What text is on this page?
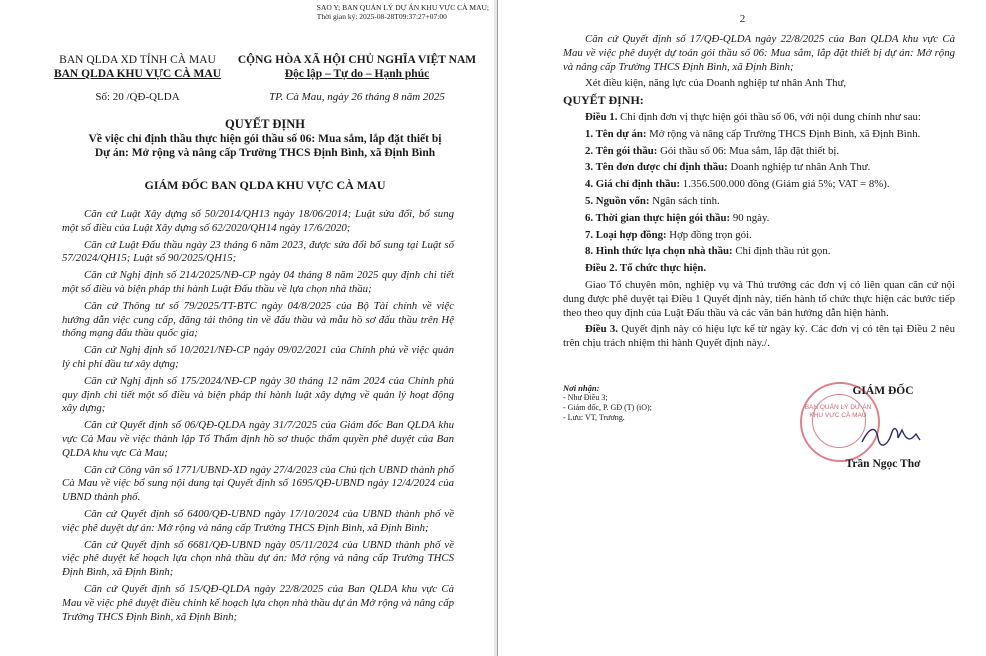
SAO Y; BAN QUẢN LÝ DỰ ÁN KHU VỰC CÀ MAU;
Thời gian ký: 2025-08-28T09:37:27+07:00
BAN QLDA XD TỈNH CÀ MAU
BAN QLDA KHU VỰC CÀ MAU
CỘNG HÒA XÃ HỘI CHỦ NGHĨA VIỆT NAM
Độc lập – Tự do – Hạnh phúc
Số: 20 /QĐ-QLDA	TP. Cà Mau, ngày 26 tháng 8 năm 2025
QUYẾT ĐỊNH
Về việc chỉ định thầu thực hiện gói thầu số 06: Mua sắm, lắp đặt thiết bị
Dự án: Mở rộng và nâng cấp Trường THCS Định Bình, xã Định Bình
GIÁM ĐỐC BAN QLDA KHU VỰC CÀ MAU

Căn cứ Luật Xây dựng số 50/2014/QH13 ngày 18/06/2014; Luật sửa đổi, bổ sung một số điều của Luật Xây dựng số 62/2020/QH14 ngày 17/6/2020;

Căn cứ Luật Đấu thầu ngày 23 tháng 6 năm 2023, được sửa đổi bổ sung tại Luật số 57/2024/QH15; Luật số 90/2025/QH15;

Căn cứ Nghị định số 214/2025/NĐ-CP ngày 04 tháng 8 năm 2025 quy định chi tiết một số điều và biện pháp thi hành Luật Đấu thầu về lựa chọn nhà thầu;

Căn cứ Thông tư số 79/2025/TT-BTC ngày 04/8/2025 của Bộ Tài chính về việc hướng dẫn việc cung cấp, đăng tải thông tin về đấu thầu và mẫu hồ sơ đấu thầu trên Hệ thống mạng đấu thầu quốc gia;

Căn cứ Nghị định số 10/2021/NĐ-CP ngày 09/02/2021 của Chính phủ về việc quản lý chi phí đầu tư xây dựng;

Căn cứ Nghị định số 175/2024/NĐ-CP ngày 30 tháng 12 năm 2024 của Chính phủ quy định chi tiết một số điều và biện pháp thi hành luật xây dựng về quản lý hoạt động xây dựng;

Căn cứ Quyết định số 06/QĐ-QLDA ngày 31/7/2025 của Giám đốc Ban QLDA khu vực Cà Mau về việc thành lập Tổ Thẩm định hồ sơ thuộc thẩm quyền phê duyệt của Ban QLDA khu vực Cà Mau;

Căn cứ Công văn số 1771/UBND-XD ngày 27/4/2023 của Chủ tịch UBND thành phố Cà Mau về việc bổ sung nội dung tại Quyết định số 1695/QĐ-UBND ngày 12/4/2024 của UBND thành phố.

Căn cứ Quyết định số 6400/QĐ-UBND ngày 17/10/2024 của UBND thành phố về việc phê duyệt dự án: Mở rộng và nâng cấp Trường THCS Định Bình, xã Định Bình;

Căn cứ Quyết định số 6681/QĐ-UBND ngày 05/11/2024 của UBND thành phố về việc phê duyệt kế hoạch lựa chọn nhà thầu dự án: Mở rộng và nâng cấp Trường THCS Định Bình, xã Định Bình;

Căn cứ Quyết định số 15/QĐ-QLDA ngày 22/8/2025 của Ban QLDA khu vực Cà Mau về việc phê duyệt điều chỉnh kế hoạch lựa chọn nhà thầu dự án Mở rộng và nâng cấp Trường THCS Định Bình, xã Định Bình;

2

Căn cứ Quyết định số 17/QĐ-QLDA ngày 22/8/2025 của Ban QLDA khu vực Cà Mau về việc phê duyệt dự toán gói thầu số 06: Mua sắm, lắp đặt thiết bị dự án: Mở rộng và nâng cấp Trường THCS Định Bình, xã Định Bình;

Xét điều kiện, năng lực của Doanh nghiệp tư nhân Anh Thư,

QUYẾT ĐỊNH:

Điều 1. Chỉ định đơn vị thực hiện gói thầu số 06, với nội dung chính như sau:

1. Tên dự án: Mở rộng và nâng cấp Trường THCS Định Bình, xã Định Bình.

2. Tên gói thầu: Gói thầu số 06: Mua sắm, lắp đặt thiết bị.

3. Tên đơn được chỉ định thầu: Doanh nghiệp tư nhân Anh Thư.

4. Giá chỉ định thầu: 1.356.500.000 đồng (Giảm giá 5%; VAT = 8%).

5. Nguồn vốn: Ngân sách tỉnh.

6. Thời gian thực hiện gói thầu: 90 ngày.

7. Loại hợp đồng: Hợp đồng trọn gói.

8. Hình thức lựa chọn nhà thầu: Chỉ định thầu rút gọn.

Điều 2. Tổ chức thực hiện.

Giao Tổ chuyên môn, nghiệp vụ và Thủ trưởng các đơn vị có liên quan căn cứ nội dung được phê duyệt tại Điều 1 Quyết định này, tiến hành tổ chức thực hiện các bước tiếp theo theo quy định của Luật Đấu thầu và các văn bản hướng dẫn hiện hành.

Điều 3. Quyết định này có hiệu lực kể từ ngày ký. Các đơn vị có tên tại Điều 2 nêu trên chịu trách nhiệm thi hành Quyết định này./.

Nơi nhận:
- Như Điều 3;
- Giám đốc, P. GĐ (T) (iO);
- Lưu: VT, Trương.
BAN QUẢN LÝ DỰ ÁN KHU VỰC CÀ MAU
GIÁM ĐỐC
Trần Ngọc Thơ
